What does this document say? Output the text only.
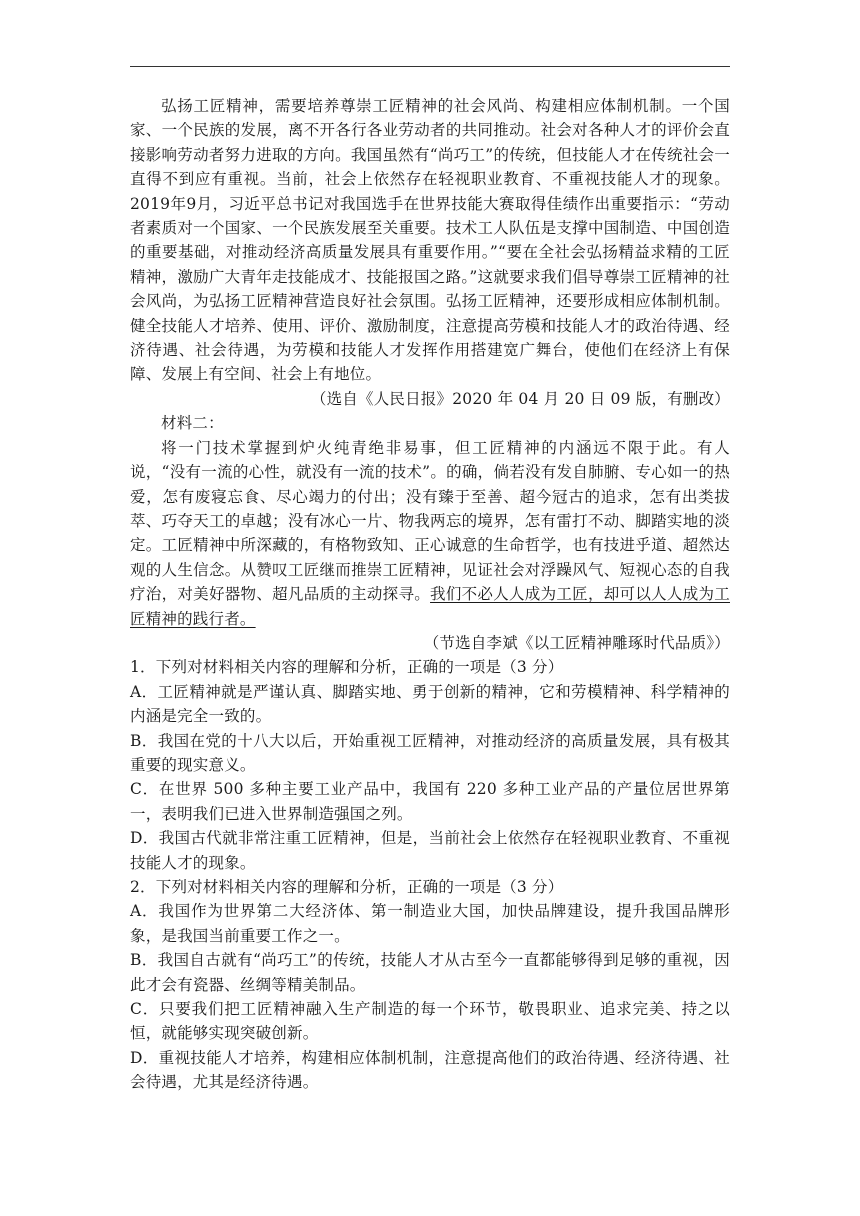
弘扬工匠精神，需要培养尊崇工匠精神的社会风尚、构建相应体制机制。一个国家、一个民族的发展，离不开各行各业劳动者的共同推动。社会对各种人才的评价会直接影响劳动者努力进取的方向。我国虽然有“尚巧工”的传统，但技能人才在传统社会一直得不到应有重视。当前，社会上依然存在轻视职业教育、不重视技能人才的现象。2019年9月，习近平总书记对我国选手在世界技能大赛取得佳绩作出重要指示：“劳动者素质对一个国家、一个民族发展至关重要。技术工人队伍是支撑中国制造、中国创造的重要基础，对推动经济高质量发展具有重要作用。”“要在全社会弘扬精益求精的工匠精神，激励广大青年走技能成才、技能报国之路。”这就要求我们倡导尊崇工匠精神的社会风尚，为弘扬工匠精神营造良好社会氛围。弘扬工匠精神，还要形成相应体制机制。健全技能人才培养、使用、评价、激励制度，注意提高劳模和技能人才的政治待遇、经济待遇、社会待遇，为劳模和技能人才发挥作用搭建宽广舞台，使他们在经济上有保障、发展上有空间、社会上有地位。

（选自《人民日报》2020 年 04 月 20 日 09 版，有删改）

材料二：

将一门技术掌握到炉火纯青绝非易事，但工匠精神的内涵远不限于此。有人说，“没有一流的心性，就没有一流的技术”。的确，倘若没有发自肺腑、专心如一的热爱，怎有废寝忘食、尽心竭力的付出；没有臻于至善、超今冠古的追求，怎有出类拔萃、巧夺天工的卓越；没有冰心一片、物我两忘的境界，怎有雷打不动、脚踏实地的淡定。工匠精神中所深藏的，有格物致知、正心诚意的生命哲学，也有技进乎道、超然达观的人生信念。从赞叹工匠继而推崇工匠精神，见证社会对浮躁风气、短视心态的自我疗治，对美好器物、超凡品质的主动探寻。我们不必人人成为工匠，却可以人人成为工匠精神的践行者。

（节选自李斌《以工匠精神雕琢时代品质》）

1．下列对材料相关内容的理解和分析，正确的一项是（3 分）

A．工匠精神就是严谨认真、脚踏实地、勇于创新的精神，它和劳模精神、科学精神的内涵是完全一致的。

B．我国在党的十八大以后，开始重视工匠精神，对推动经济的高质量发展，具有极其重要的现实意义。

C．在世界 500 多种主要工业产品中，我国有 220 多种工业产品的产量位居世界第一，表明我们已进入世界制造强国之列。

D．我国古代就非常注重工匠精神，但是，当前社会上依然存在轻视职业教育、不重视技能人才的现象。

2．下列对材料相关内容的理解和分析，正确的一项是（3 分）

A．我国作为世界第二大经济体、第一制造业大国，加快品牌建设，提升我国品牌形象，是我国当前重要工作之一。

B．我国自古就有“尚巧工”的传统，技能人才从古至今一直都能够得到足够的重视，因此才会有瓷器、丝绸等精美制品。

C．只要我们把工匠精神融入生产制造的每一个环节，敬畏职业、追求完美、持之以恒，就能够实现突破创新。

D．重视技能人才培养，构建相应体制机制，注意提高他们的政治待遇、经济待遇、社会待遇，尤其是经济待遇。
